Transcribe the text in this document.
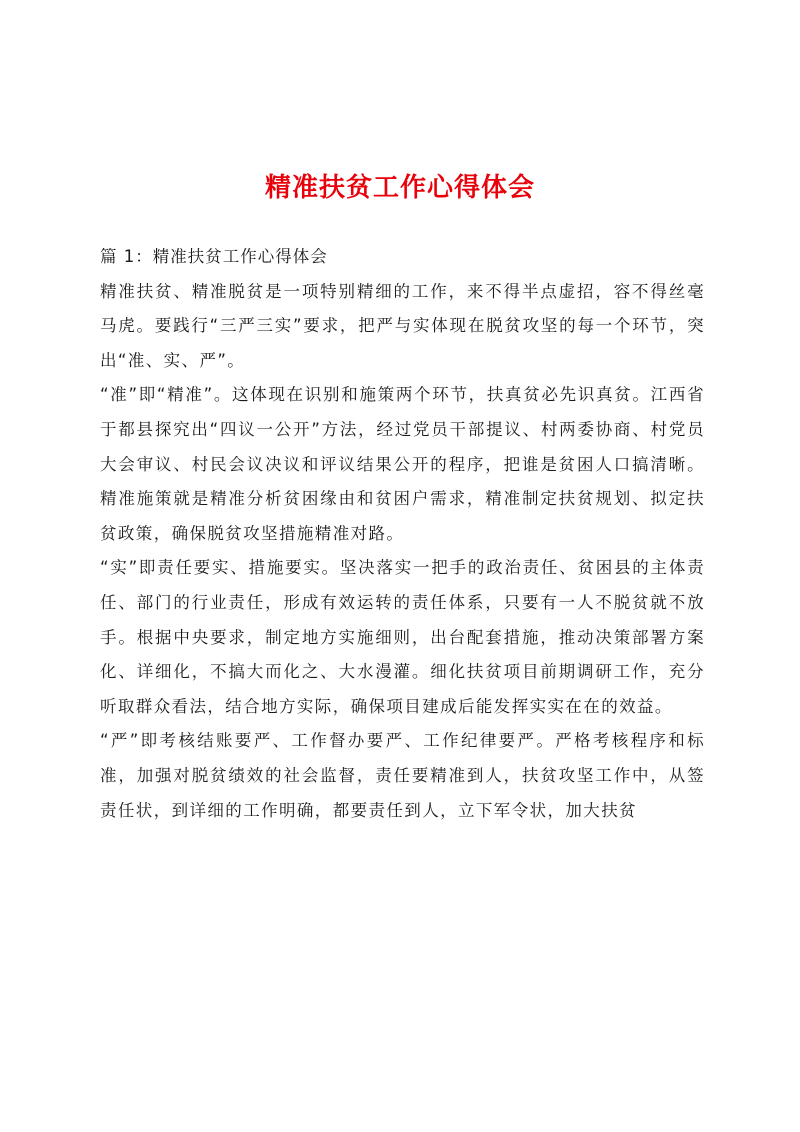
精准扶贫工作心得体会

篇 1：精准扶贫工作心得体会

精准扶贫、精准脱贫是一项特别精细的工作，来不得半点虚招，容不得丝毫马虎。要践行“三严三实”要求，把严与实体现在脱贫攻坚的每一个环节，突出“准、实、严”。

“准”即“精准”。这体现在识别和施策两个环节，扶真贫必先识真贫。江西省于都县探究出“四议一公开”方法，经过党员干部提议、村两委协商、村党员大会审议、村民会议决议和评议结果公开的程序，把谁是贫困人口搞清晰。精准施策就是精准分析贫困缘由和贫困户需求，精准制定扶贫规划、拟定扶贫政策，确保脱贫攻坚措施精准对路。

“实”即责任要实、措施要实。坚决落实一把手的政治责任、贫困县的主体责任、部门的行业责任，形成有效运转的责任体系，只要有一人不脱贫就不放手。根据中央要求，制定地方实施细则，出台配套措施，推动决策部署方案化、详细化，不搞大而化之、大水漫灌。细化扶贫项目前期调研工作，充分听取群众看法，结合地方实际，确保项目建成后能发挥实实在在的效益。

“严”即考核结账要严、工作督办要严、工作纪律要严。严格考核程序和标准，加强对脱贫绩效的社会监督，责任要精准到人，扶贫攻坚工作中，从签责任状，到详细的工作明确，都要责任到人，立下军令状，加大扶贫
